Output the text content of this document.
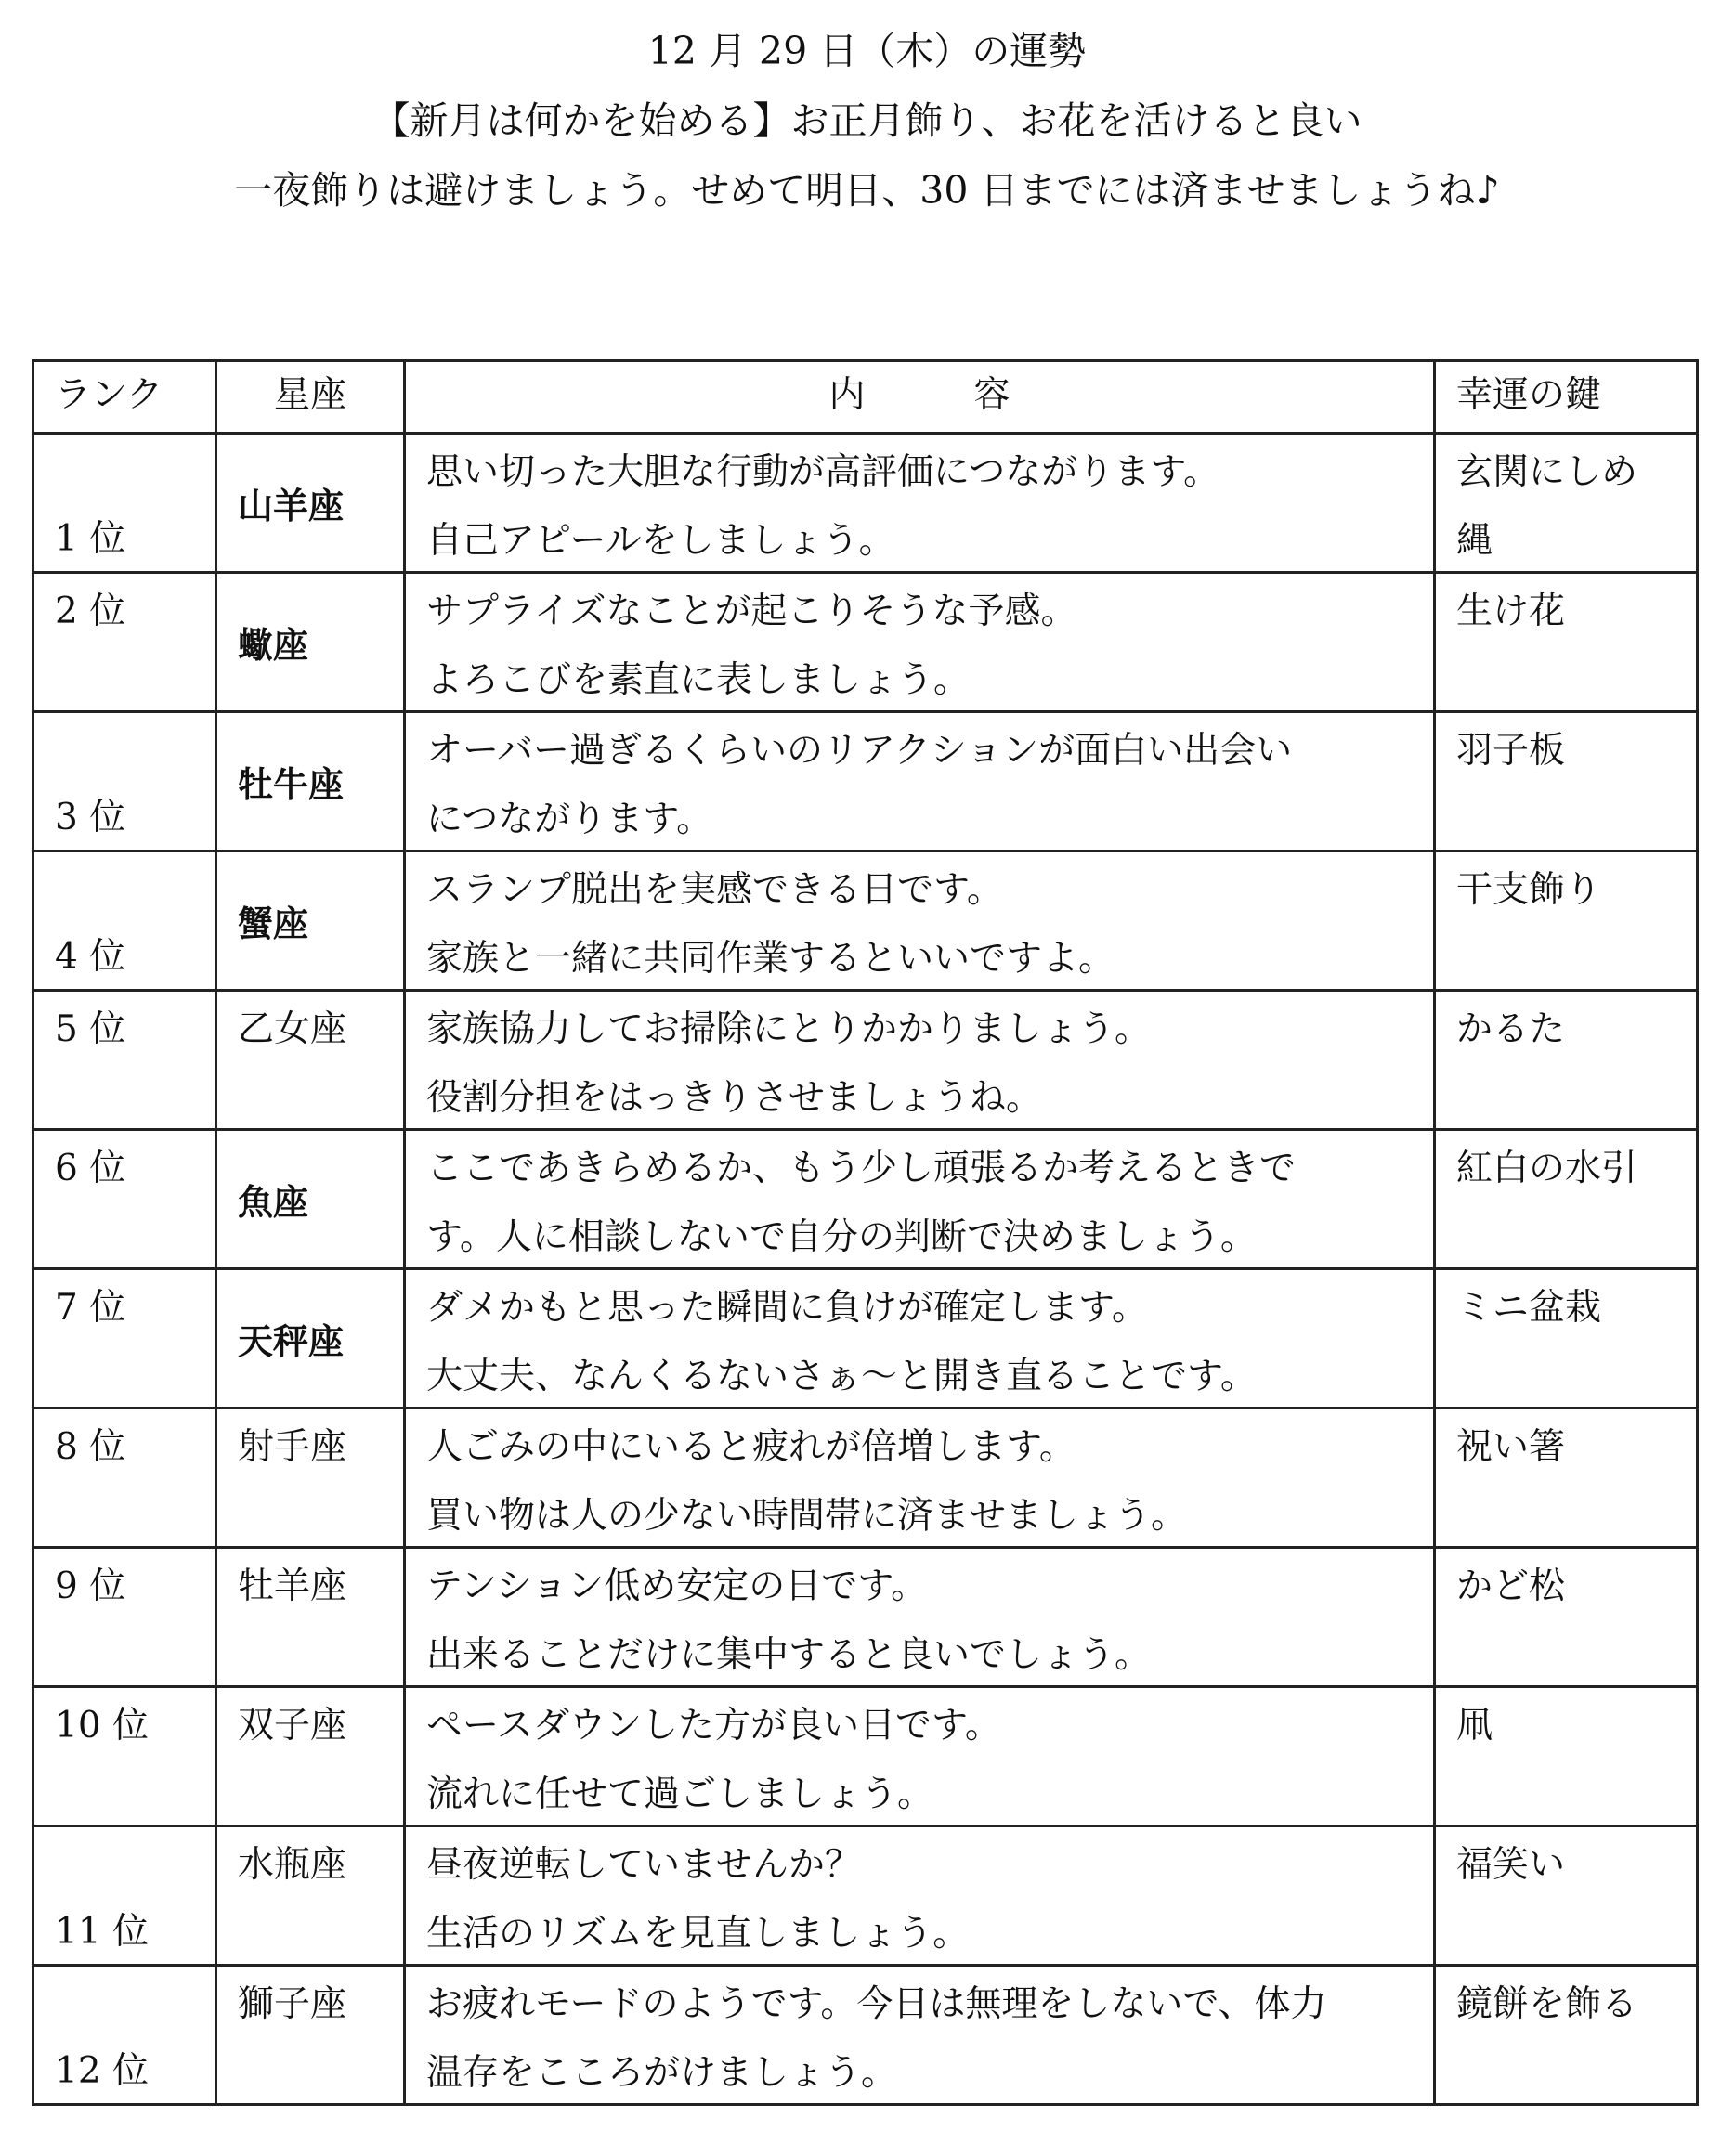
12 月 29 日（木）の運勢
【新月は何かを始める】お正月飾り、お花を活けると良い
一夜飾りは避けましょう。せめて明日、30 日までには済ませましょうね♪
ランク	星座	内　　　容	幸運の鍵

1 位	山羊座	思い切った大胆な行動が高評価につながります。
自己アピールをしましょう。	玄関にしめ
縄

2 位	蠍座	サプライズなことが起こりそうな予感。
よろこびを素直に表しましょう。	生け花

3 位	牡牛座	オーバー過ぎるくらいのリアクションが面白い出会い
につながります。	羽子板

4 位	蟹座	スランプ脱出を実感できる日です。
家族と一緒に共同作業するといいですよ。	干支飾り

5 位	乙女座	家族協力してお掃除にとりかかりましょう。
役割分担をはっきりさせましょうね。	かるた

6 位	魚座	ここであきらめるか、もう少し頑張るか考えるときで
す。人に相談しないで自分の判断で決めましょう。	紅白の水引

7 位	天秤座	ダメかもと思った瞬間に負けが確定します。
大丈夫、なんくるないさぁ～と開き直ることです。	ミニ盆栽

8 位	射手座	人ごみの中にいると疲れが倍増します。
買い物は人の少ない時間帯に済ませましょう。	祝い箸

9 位	牡羊座	テンション低め安定の日です。
出来ることだけに集中すると良いでしょう。	かど松

10 位	双子座	ペースダウンした方が良い日です。
流れに任せて過ごしましょう。	凧

11 位	水瓶座	昼夜逆転していませんか？
生活のリズムを見直しましょう。	福笑い

12 位	獅子座	お疲れモードのようです。今日は無理をしないで、体力
温存をこころがけましょう。	鏡餅を飾る
